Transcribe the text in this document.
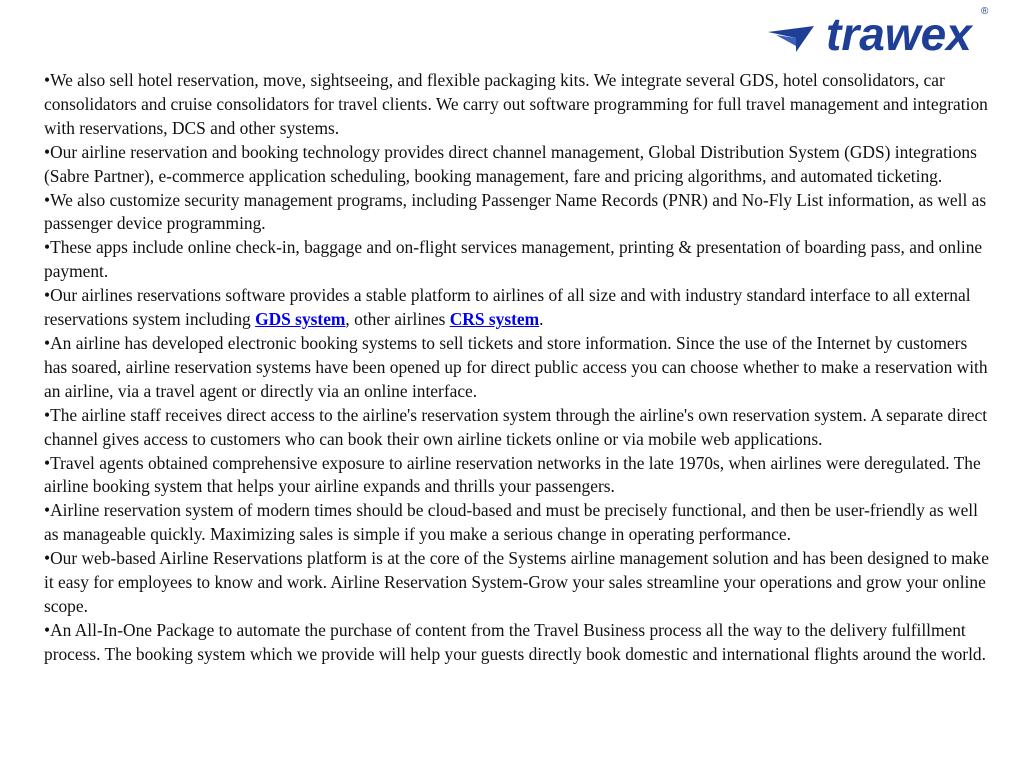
trawex ®

•We also sell hotel reservation, move, sightseeing, and flexible packaging kits. We integrate several GDS, hotel consolidators, car consolidators and cruise consolidators for travel clients. We carry out software programming for full travel management and integration with reservations, DCS and other systems.

•Our airline reservation and booking technology provides direct channel management, Global Distribution System (GDS) integrations (Sabre Partner), e-commerce application scheduling, booking management, fare and pricing algorithms, and automated ticketing.

•We also customize security management programs, including Passenger Name Records (PNR) and No-Fly List information, as well as passenger device programming.

•These apps include online check-in, baggage and on-flight services management, printing & presentation of boarding pass, and online payment.

•Our airlines reservations software provides a stable platform to airlines of all size and with industry standard interface to all external reservations system including GDS system, other airlines CRS system.

•An airline has developed electronic booking systems to sell tickets and store information. Since the use of the Internet by customers has soared, airline reservation systems have been opened up for direct public access you can choose whether to make a reservation with an airline, via a travel agent or directly via an online interface.

•The airline staff receives direct access to the airline's reservation system through the airline's own reservation system. A separate direct channel gives access to customers who can book their own airline tickets online or via mobile web applications.

•Travel agents obtained comprehensive exposure to airline reservation networks in the late 1970s, when airlines were deregulated. The airline booking system that helps your airline expands and thrills your passengers.

•Airline reservation system of modern times should be cloud-based and must be precisely functional, and then be user-friendly as well as manageable quickly. Maximizing sales is simple if you make a serious change in operating performance.

•Our web-based Airline Reservations platform is at the core of the Systems airline management solution and has been designed to make it easy for employees to know and work. Airline Reservation System-Grow your sales streamline your operations and grow your online scope.

•An All-In-One Package to automate the purchase of content from the Travel Business process all the way to the delivery fulfillment process. The booking system which we provide will help your guests directly book domestic and international flights around the world.
